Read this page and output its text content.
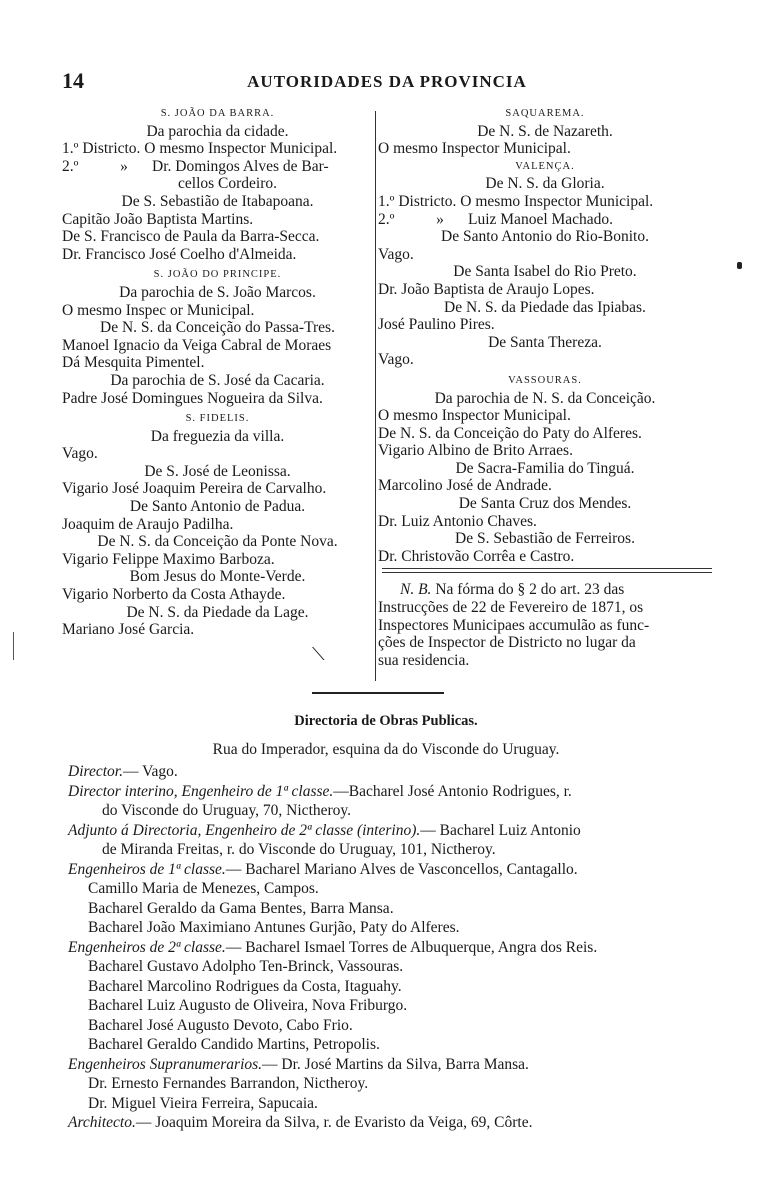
14	AUTORIDADES DA PROVINCIA
S. JOÃO DA BARRA.
Da parochia da cidade.
1.º Districto. O mesmo Inspector Municipal.
2.º	»	Dr. Domingos Alves de Bar-
cellos Cordeiro.
De S. Sebastião de Itabapoana.
Capitão João Baptista Martins.
De S. Francisco de Paula da Barra-Secca.
Dr. Francisco José Coelho d'Almeida.
S. JOÃO DO PRINCIPE.
Da parochia de S. João Marcos.
O mesmo Inspec or Municipal.
De N. S. da Conceição do Passa-Tres.
Manoel Ignacio da Veiga Cabral de Moraes
Dá Mesquita Pimentel.
Da parochia de S. José da Cacaria.
Padre José Domingues Nogueira da Silva.
S. FIDELIS.
Da freguezia da villa.
Vago.
De S. José de Leonissa.
Vigario José Joaquim Pereira de Carvalho.
De Santo Antonio de Padua.
Joaquim de Araujo Padilha.
De N. S. da Conceição da Ponte Nova.
Vigario Felippe Maximo Barboza.
Bom Jesus do Monte-Verde.
Vigario Norberto da Costa Athayde.
De N. S. da Piedade da Lage.
Mariano José Garcia.
SAQUAREMA.
De N. S. de Nazareth.
O mesmo Inspector Municipal.
VALENÇA.
De N. S. da Gloria.
1.º Districto. O mesmo Inspector Municipal.
2.º	»	Luiz Manoel Machado.
De Santo Antonio do Rio-Bonito.
Vago.
De Santa Isabel do Rio Preto.
Dr. João Baptista de Araujo Lopes.
De N. S. da Piedade das Ipiabas.
José Paulino Pires.
De Santa Thereza.
Vago.
VASSOURAS.
Da parochia de N. S. da Conceição.
O mesmo Inspector Municipal.
De N. S. da Conceição do Paty do Alferes.
Vigario Albino de Brito Arraes.
De Sacra-Familia do Tinguá.
Marcolino José de Andrade.
De Santa Cruz dos Mendes.
Dr. Luiz Antonio Chaves.
De S. Sebastião de Ferreiros.
Dr. Christovão Corrêa e Castro.
N. B. Na fórma do § 2 do art. 23 das
Instrucções de 22 de Fevereiro de 1871, os
Inspectores Municipaes accumulão as func-
ções de Inspector de Districto no lugar da
sua residencia.
Directoria de Obras Publicas.
Rua do Imperador, esquina da do Visconde do Uruguay.
Director.— Vago.
Director interino, Engenheiro de 1ª classe.—Bacharel José Antonio Rodrigues, r.
do Visconde do Uruguay, 70, Nictheroy.
Adjunto á Directoria, Engenheiro de 2ª classe (interino).— Bacharel Luiz Antonio
de Miranda Freitas, r. do Visconde do Uruguay, 101, Nictheroy.
Engenheiros de 1ª classe.— Bacharel Mariano Alves de Vasconcellos, Cantagallo.
Camillo Maria de Menezes, Campos.
Bacharel Geraldo da Gama Bentes, Barra Mansa.
Bacharel João Maximiano Antunes Gurjão, Paty do Alferes.
Engenheiros de 2ª classe.— Bacharel Ismael Torres de Albuquerque, Angra dos Reis.
Bacharel Gustavo Adolpho Ten-Brinck, Vassouras.
Bacharel Marcolino Rodrigues da Costa, Itaguahy.
Bacharel Luiz Augusto de Oliveira, Nova Friburgo.
Bacharel José Augusto Devoto, Cabo Frio.
Bacharel Geraldo Candido Martins, Petropolis.
Engenheiros Supranumerarios.— Dr. José Martins da Silva, Barra Mansa.
Dr. Ernesto Fernandes Barrandon, Nictheroy.
Dr. Miguel Vieira Ferreira, Sapucaia.
Architecto.— Joaquim Moreira da Silva, r. de Evaristo da Veiga, 69, Côrte.
⟍
